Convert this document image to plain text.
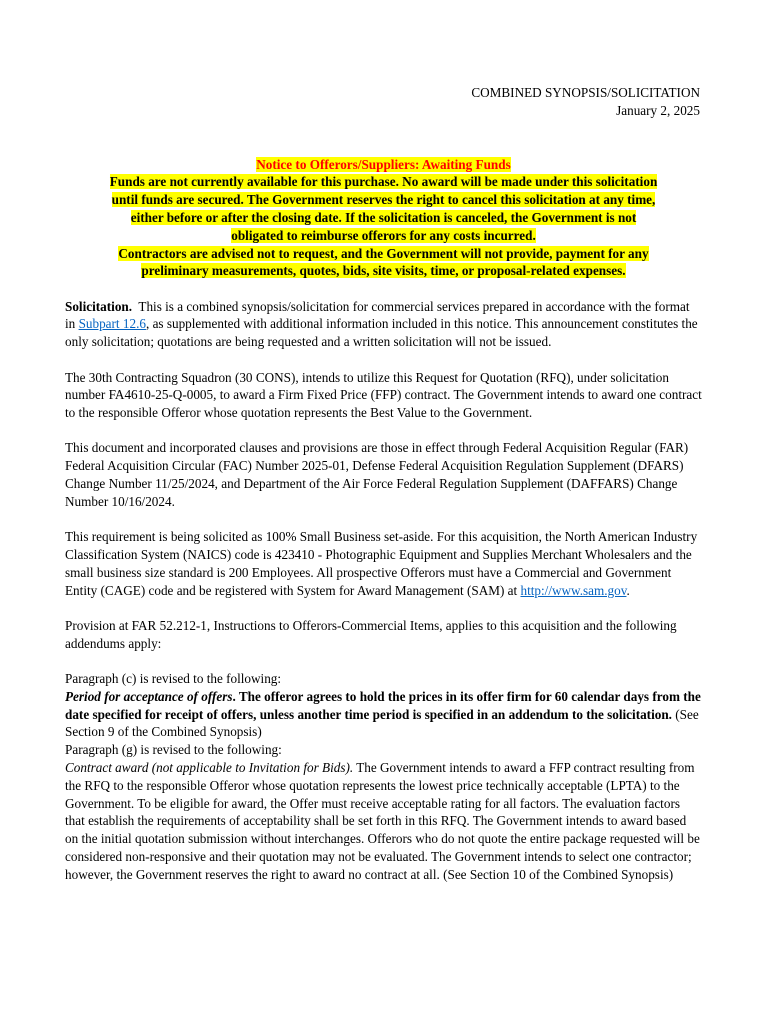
COMBINED SYNOPSIS/SOLICITATION
January 2, 2025
Notice to Offerors/Suppliers: Awaiting Funds
Funds are not currently available for this purchase. No award will be made under this solicitation
until funds are secured. The Government reserves the right to cancel this solicitation at any time,
either before or after the closing date. If the solicitation is canceled, the Government is not
obligated to reimburse offerors for any costs incurred.
Contractors are advised not to request, and the Government will not provide, payment for any
preliminary measurements, quotes, bids, site visits, time, or proposal-related expenses.

Solicitation. This is a combined synopsis/solicitation for commercial services prepared in accordance with the format in Subpart 12.6, as supplemented with additional information included in this notice. This announcement constitutes the only solicitation; quotations are being requested and a written solicitation will not be issued.

The 30th Contracting Squadron (30 CONS), intends to utilize this Request for Quotation (RFQ), under solicitation number FA4610-25-Q-0005, to award a Firm Fixed Price (FFP) contract. The Government intends to award one contract to the responsible Offeror whose quotation represents the Best Value to the Government.

This document and incorporated clauses and provisions are those in effect through Federal Acquisition Regular (FAR) Federal Acquisition Circular (FAC) Number 2025-01, Defense Federal Acquisition Regulation Supplement (DFARS) Change Number 11/25/2024, and Department of the Air Force Federal Regulation Supplement (DAFFARS) Change Number 10/16/2024.

This requirement is being solicited as 100% Small Business set-aside. For this acquisition, the North American Industry Classification System (NAICS) code is 423410 - Photographic Equipment and Supplies Merchant Wholesalers and the small business size standard is 200 Employees. All prospective Offerors must have a Commercial and Government Entity (CAGE) code and be registered with System for Award Management (SAM) at http://www.sam.gov.

Provision at FAR 52.212-1, Instructions to Offerors-Commercial Items, applies to this acquisition and the following addendums apply:

Paragraph (c) is revised to the following:
Period for acceptance of offers. The offeror agrees to hold the prices in its offer firm for 60 calendar days from the date specified for receipt of offers, unless another time period is specified in an addendum to the solicitation. (See Section 9 of the Combined Synopsis)
Paragraph (g) is revised to the following:
Contract award (not applicable to Invitation for Bids). The Government intends to award a FFP contract resulting from the RFQ to the responsible Offeror whose quotation represents the lowest price technically acceptable (LPTA) to the Government. To be eligible for award, the Offer must receive acceptable rating for all factors. The evaluation factors that establish the requirements of acceptability shall be set forth in this RFQ. The Government intends to award based on the initial quotation submission without interchanges. Offerors who do not quote the entire package requested will be considered non-responsive and their quotation may not be evaluated. The Government intends to select one contractor; however, the Government reserves the right to award no contract at all. (See Section 10 of the Combined Synopsis)
